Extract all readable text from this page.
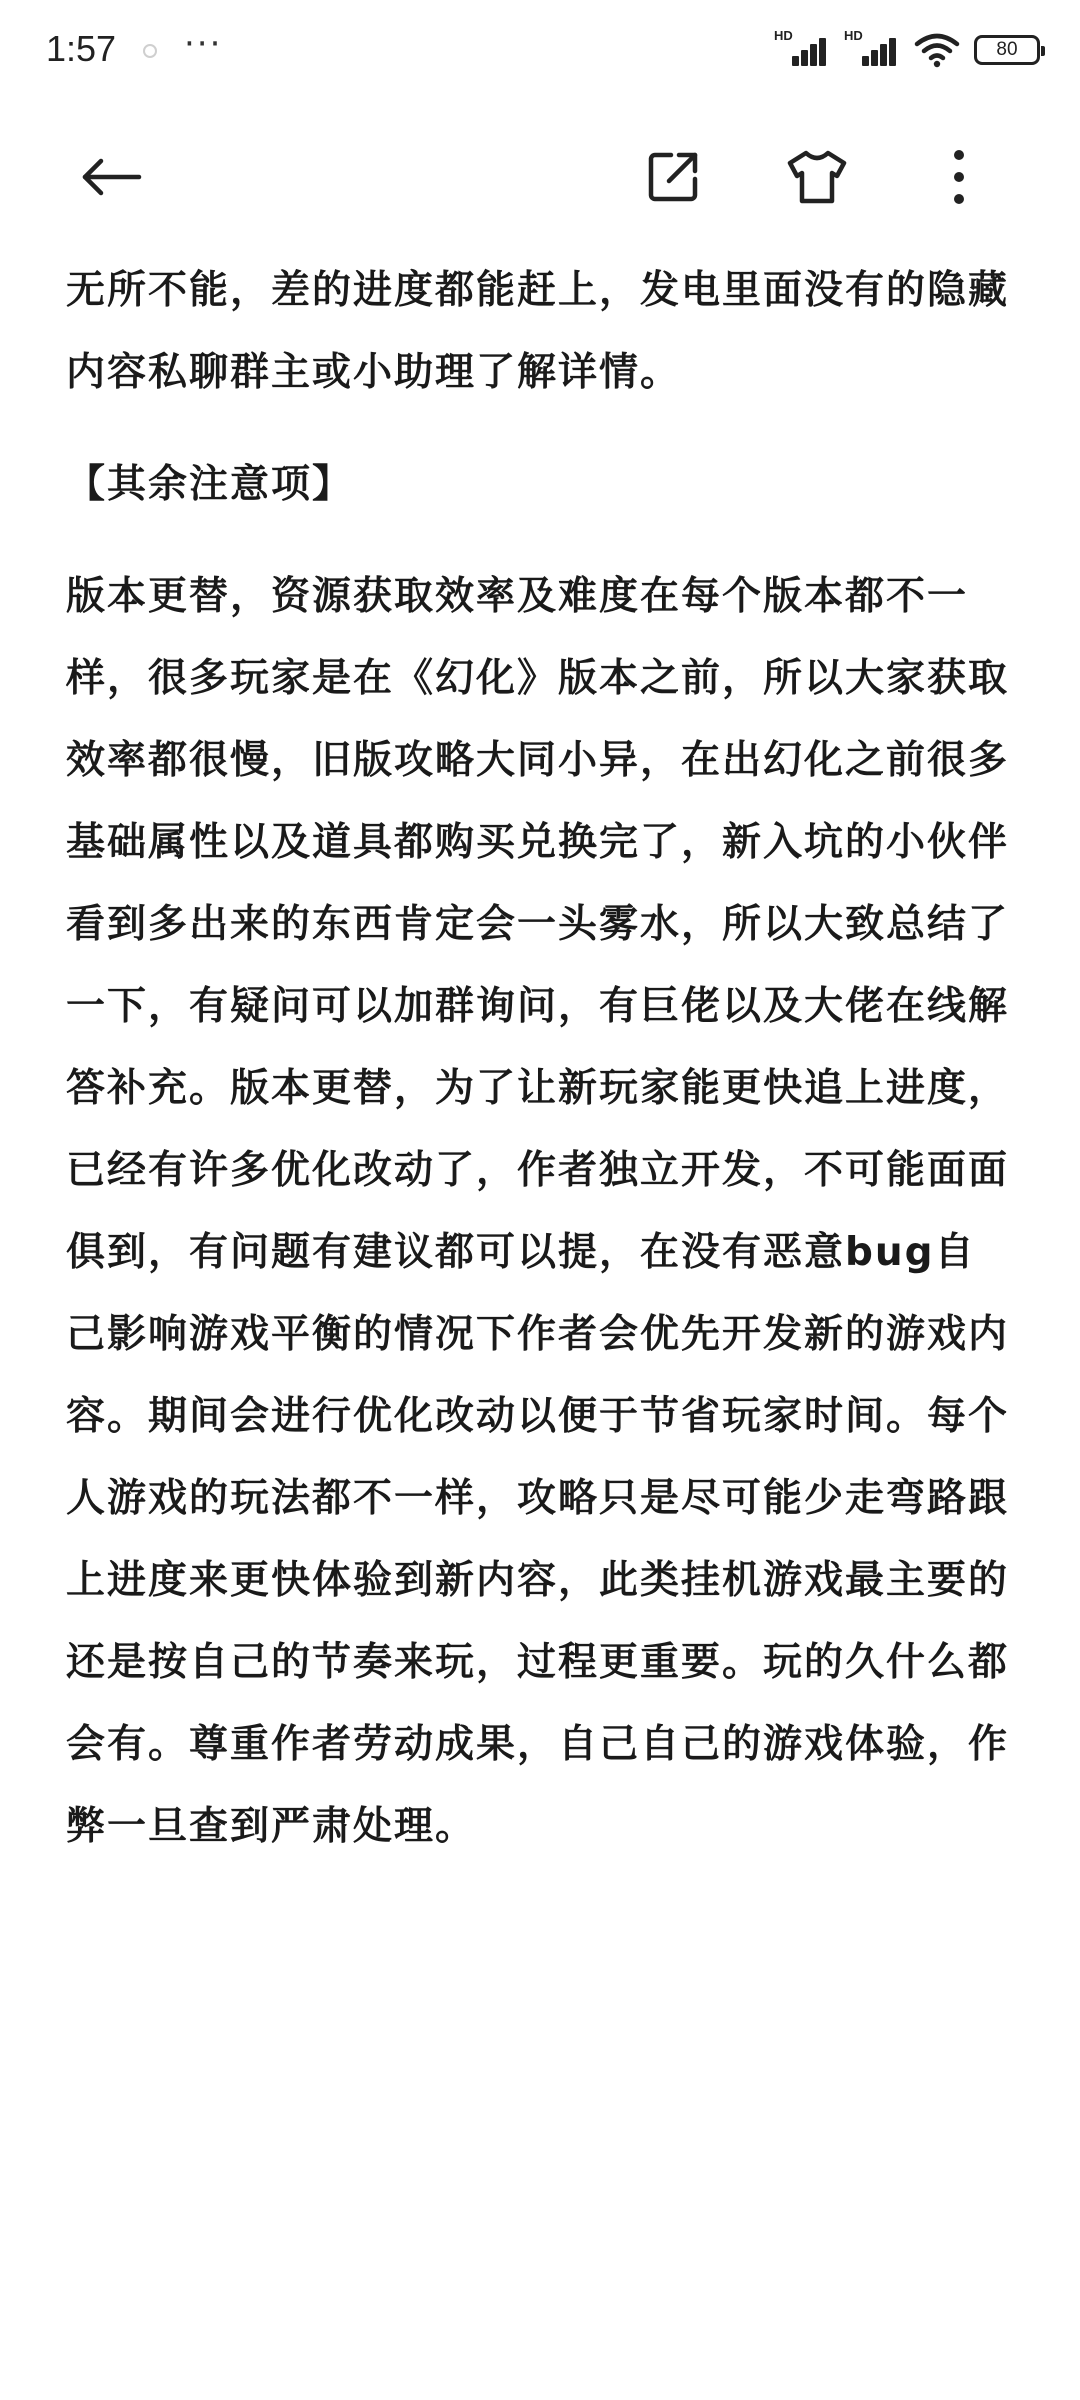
1:57 ···	HD	HD
80

无所不能，差的进度都能赶上，发电里面没有的隐藏内容私聊群主或小助理了解详情。

【其余注意项】

版本更替，资源获取效率及难度在每个版本都不一样，很多玩家是在《幻化》版本之前，所以大家获取效率都很慢，旧版攻略大同小异，在出幻化之前很多基础属性以及道具都购买兑换完了，新入坑的小伙伴看到多出来的东西肯定会一头雾水，所以大致总结了一下，有疑问可以加群询问，有巨佬以及大佬在线解答补充。版本更替，为了让新玩家能更快追上进度，已经有许多优化改动了，作者独立开发，不可能面面俱到，有问题有建议都可以提，在没有恶意bug自己影响游戏平衡的情况下作者会优先开发新的游戏内容。期间会进行优化改动以便于节省玩家时间。每个人游戏的玩法都不一样，攻略只是尽可能少走弯路跟上进度来更快体验到新内容，此类挂机游戏最主要的还是按自己的节奏来玩，过程更重要。玩的久什么都会有。尊重作者劳动成果，自己自己的游戏体验，作弊一旦查到严肃处理。
